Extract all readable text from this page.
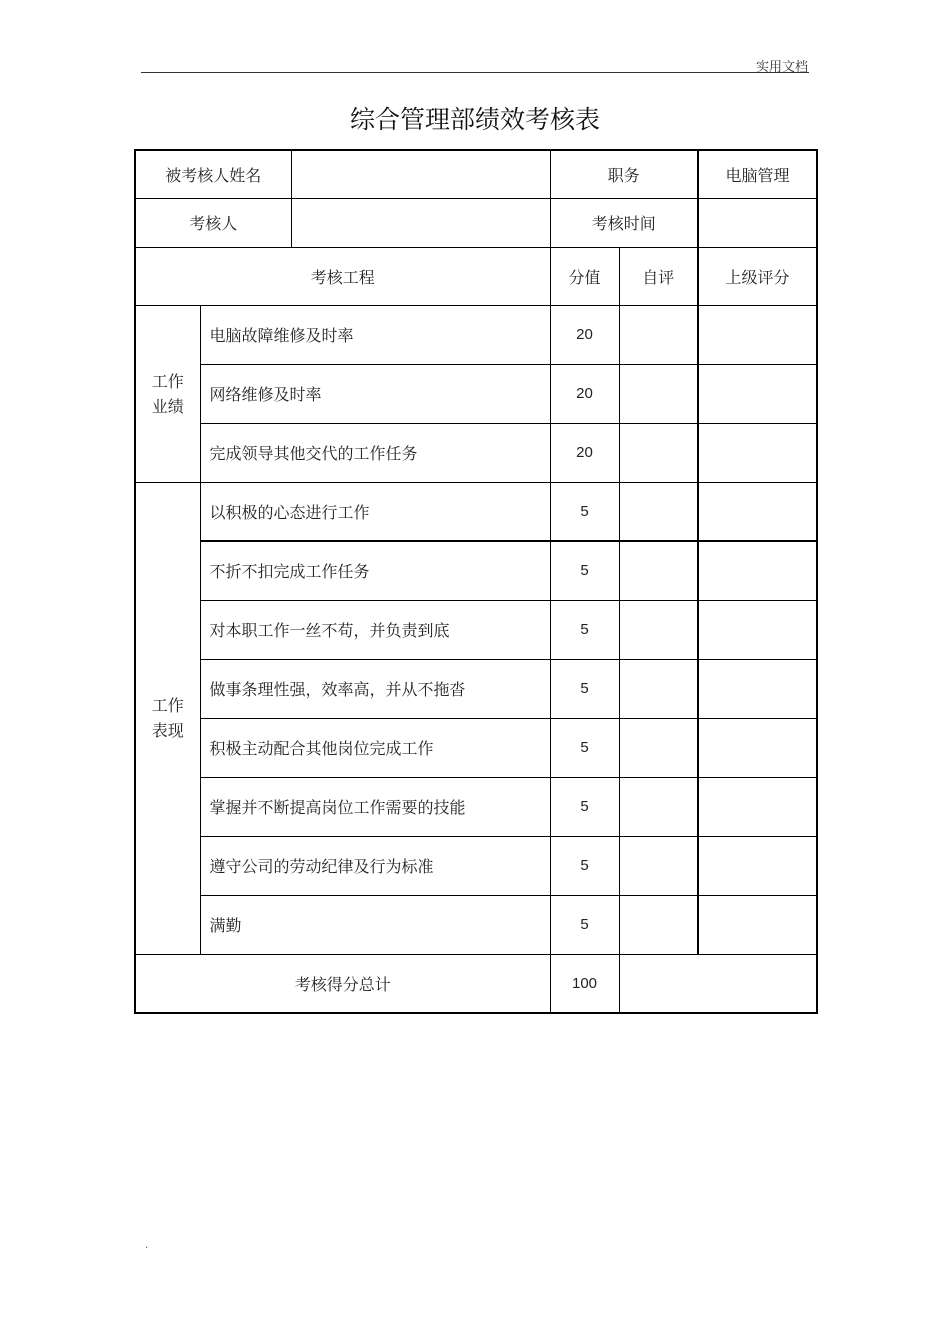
实用文档
综合管理部绩效考核表
被考核人姓名			职务		电脑管理
考核人			考核时间		
考核工程			分值	自评	上级评分
工作
业绩	电脑故障维修及时率		20		
	网络维修及时率		20		
	完成领导其他交代的工作任务		20		
工作
表现	以积极的心态进行工作		5		
	不折不扣完成工作任务		5		
	对本职工作一丝不苟，并负责到底		5		
	做事条理性强，效率高，并从不拖沓		5		
	积极主动配合其他岗位完成工作		5		
	掌握并不断提高岗位工作需要的技能		5		
	遵守公司的劳动纪律及行为标准		5		
	满勤		5		
考核得分总计			100		
.
